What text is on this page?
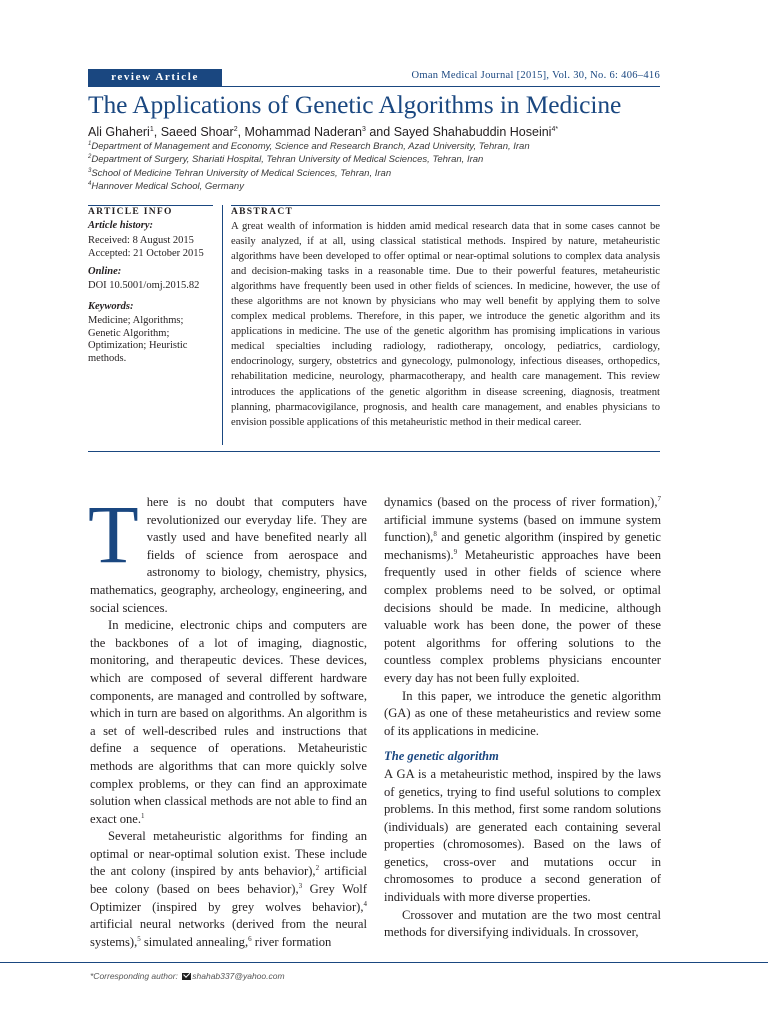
review Article	Oman Medical Journal [2015], Vol. 30, No. 6: 406–416
The Applications of Genetic Algorithms in Medicine
Ali Ghaheri$^1$, Saeed Shoar$^2$, Mohammad Naderan$^3$ and Sayed Shahabuddin Hoseini$^{4*}$
$^1$Department of Management and Economy, Science and Research Branch, Azad University, Tehran, Iran
$^2$Department of Surgery, Shariati Hospital, Tehran University of Medical Sciences, Tehran, Iran
$^3$School of Medicine Tehran University of Medical Sciences, Tehran, Iran
$^4$Hannover Medical School, Germany
ARTICLE INFO
Article history:
Received: 8 August 2015
Accepted: 21 October 2015
Online:
DOI 10.5001/omj.2015.82
Keywords:
Medicine; Algorithms; Genetic Algorithm; Optimization; Heuristic methods.
ABSTRACT
A great wealth of information is hidden amid medical research data that in some cases cannot be easily analyzed, if at all, using classical statistical methods. Inspired by nature, metaheuristic algorithms have been developed to offer optimal or near-optimal solutions to complex data analysis and decision-making tasks in a reasonable time. Due to their powerful features, metaheuristic algorithms have frequently been used in other fields of sciences. In medicine, however, the use of these algorithms are not known by physicians who may well benefit by applying them to solve complex medical problems. Therefore, in this paper, we introduce the genetic algorithm and its applications in medicine. The use of the genetic algorithm has promising implications in various medical specialties including radiology, radiotherapy, oncology, pediatrics, cardiology, endocrinology, surgery, obstetrics and gynecology, pulmonology, infectious diseases, orthopedics, rehabilitation medicine, neurology, pharmacotherapy, and health care management. This review introduces the applications of the genetic algorithm in disease screening, diagnosis, treatment planning, pharmacovigilance, prognosis, and health care management, and enables physicians to envision possible applications of this metaheuristic method in their medical career.
T here is no doubt that computers have revolutionized our everyday life. They are vastly used and have benefited nearly all fields of science from aerospace and astronomy to biology, chemistry, physics, mathematics, geography, archeology, engineering, and social sciences.

In medicine, electronic chips and computers are the backbones of a lot of imaging, diagnostic, monitoring, and therapeutic devices. These devices, which are composed of several different hardware components, are managed and controlled by software, which in turn are based on algorithms. An algorithm is a set of well-described rules and instructions that define a sequence of operations. Metaheuristic methods are algorithms that can more quickly solve complex problems, or they can find an approximate solution when classical methods are not able to find an exact one.$^1$

Several metaheuristic algorithms for finding an optimal or near-optimal solution exist. These include the ant colony (inspired by ants behavior),$^2$ artificial bee colony (based on bees behavior),$^3$ Grey Wolf Optimizer (inspired by grey wolves behavior),$^4$ artificial neural networks (derived from the neural systems),$^5$ simulated annealing,$^6$ river formation

dynamics (based on the process of river formation),$^7$ artificial immune systems (based on immune system function),$^8$ and genetic algorithm (inspired by genetic mechanisms).$^9$ Metaheuristic approaches have been frequently used in other fields of science where complex problems need to be solved, or optimal decisions should be made. In medicine, although valuable work has been done, the power of these potent algorithms for offering solutions to the countless complex problems physicians encounter every day has not been fully exploited.

In this paper, we introduce the genetic algorithm (GA) as one of these metaheuristics and review some of its applications in medicine.

The genetic algorithm

A GA is a metaheuristic method, inspired by the laws of genetics, trying to find useful solutions to complex problems. In this method, first some random solutions (individuals) are generated each containing several properties (chromosomes). Based on the laws of genetics, cross-over and mutations occur in chromosomes to produce a second generation of individuals with more diverse properties.

Crossover and mutation are the two most central methods for diversifying individuals. In crossover,

*Corresponding author: shahab337@yahoo.com
